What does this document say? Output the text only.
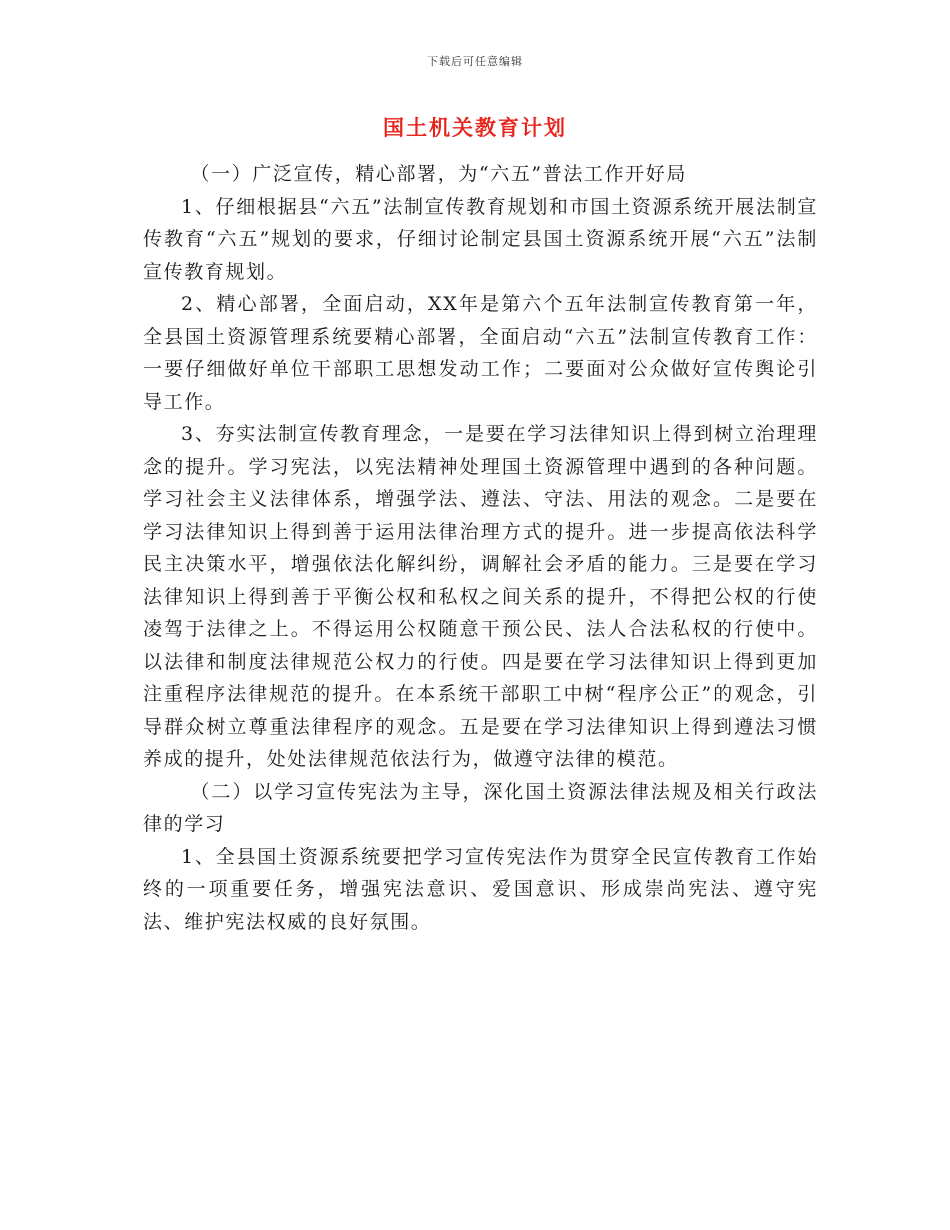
下载后可任意编辑
国土机关教育计划

（一）广泛宣传，精心部署，为“六五”普法工作开好局

1、仔细根据县“六五”法制宣传教育规划和市国土资源系统开展法制宣传教育“六五”规划的要求，仔细讨论制定县国土资源系统开展“六五”法制宣传教育规划。

2、精心部署，全面启动，XX年是第六个五年法制宣传教育第一年，全县国土资源管理系统要精心部署，全面启动“六五”法制宣传教育工作：一要仔细做好单位干部职工思想发动工作；二要面对公众做好宣传舆论引导工作。

3、夯实法制宣传教育理念，一是要在学习法律知识上得到树立治理理念的提升。学习宪法，以宪法精神处理国土资源管理中遇到的各种问题。学习社会主义法律体系，增强学法、遵法、守法、用法的观念。二是要在学习法律知识上得到善于运用法律治理方式的提升。进一步提高依法科学民主决策水平，增强依法化解纠纷，调解社会矛盾的能力。三是要在学习法律知识上得到善于平衡公权和私权之间关系的提升，不得把公权的行使凌驾于法律之上。不得运用公权随意干预公民、法人合法私权的行使中。以法律和制度法律规范公权力的行使。四是要在学习法律知识上得到更加注重程序法律规范的提升。在本系统干部职工中树“程序公正”的观念，引导群众树立尊重法律程序的观念。五是要在学习法律知识上得到遵法习惯养成的提升，处处法律规范依法行为，做遵守法律的模范。

（二）以学习宣传宪法为主导，深化国土资源法律法规及相关行政法律的学习

1、全县国土资源系统要把学习宣传宪法作为贯穿全民宣传教育工作始终的一项重要任务，增强宪法意识、爱国意识、形成崇尚宪法、遵守宪法、维护宪法权威的良好氛围。
